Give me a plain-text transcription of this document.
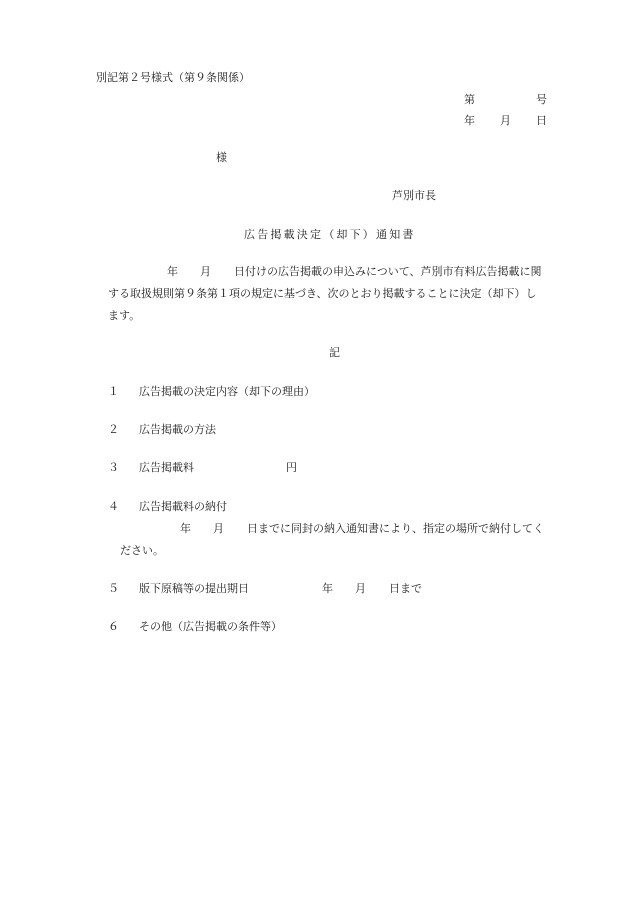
別記第２号様式（第９条関係）
第	号
年 月 日
様
芦別市長
広告掲載決定（却下）通知書
年 月 日付けの広告掲載の申込みについて、芦別市有料広告掲載に関
する取扱規則第９条第１項の規定に基づき、次のとおり掲載することに決定（却下）し
ます。
記
１ 広告掲載の決定内容（却下の理由）
２ 広告掲載の方法
３ 広告掲載料	円
４ 広告掲載料の納付
年 月 日までに同封の納入通知書により、指定の場所で納付してく
ださい。
５ 版下原稿等の提出期日	年 月 日まで
６ その他（広告掲載の条件等）
